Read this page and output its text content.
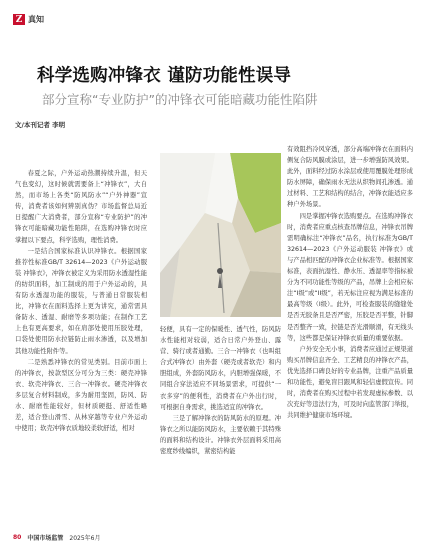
Z 真知
科学选购冲锋衣 谨防功能性误导
部分宣称“专业防护”的冲锋衣可能暗藏功能性陷阱
文/本刊记者 李明

春夏之际，户外运动热潮持续升温，但天气也变幻，这时候就需要备上“冲锋衣”，大自然，而市场上各类“防风防水”“户外神器”宣传，消费者该如何辨别真伪？市场监督总局近日提醒广大消费者，部分宣称“专业防护”的冲锋衣可能暗藏功能性陷阱，在选购冲锋衣时应掌握以下要点，科学选购，理性消费。

一是结合国家标准认识冲锋衣。根据国家推荐性标准GB/T 32614—2023《户外运动服装 冲锋衣》，冲锋衣被定义为采用防水透湿性能的纺织面料，加工制成的用于户外运动的，具有防水透湿功能的服装，与普通日常服装相比，冲锋衣在面料选择上更为讲究，通常需具备防水、透湿、耐磨等多项功能；在制作工艺上也有更高要求，如在肩部处使用压胶处理，口袋处使用防水拉链防止雨水渗透，以及增加其他功能性附件等。

二是熟悉冲锋衣的常见类别。目前市面上的冲锋衣，按款型区分可分为三类：硬壳冲锋衣、软壳冲锋衣、三合一冲锋衣。硬壳冲锋衣多层复合材料制成，多为耐用坚固，防风、防水、耐磨性能较好，但材质硬挺、舒适性略差，适合登山滑雪、从林穿越等专业户外运动中使用；软壳冲锋衣质地较柔软舒适，相对

轻便，具有一定的保暖性、透气性，防风防水性能相对较弱，适合日常户外登山、露营、骑行或者通勤。三合一冲锋衣（也叫组合式冲锋衣）由外套（硬壳或者软壳）和内胆组成，外套防风防水，内胆增强保暖，不同组合穿法适应不同场景需求，可提供“一衣多穿”的便利性，消费者在户外出行时，可根据自身需求，挑选适宜的冲锋衣。

三是了解冲锋衣的防风防水的原理。冲锋衣之所以能防风防水，主要依赖于其特殊的面料和结构设计。冲锋衣外层面料采用高密度纱线编织，紧密结构能

有效阻挡冷风穿透，部分高端冲锋衣在面料内侧复合防风膜或涂层，进一步增强防风效果。此外，面料经过防水涂层或使用覆膜处理形成防水屏障，确保雨水无法从织物间孔渗透。通过材料、工艺和结构的结合，冲锋衣能适应多种户外场景。

四是掌握冲锋衣选购要点。在选购冲锋衣时，消费者应重点核查吊牌信息，冲锋衣吊牌需明确标注“冲锋衣”品名，执行标准为GB/T 32614—2023《户外运动服装 冲锋衣》或与产品相匹配的冲锋衣企业标准等。根据国家标准，表面抗湿性、静水压、透湿率等指标被分为不同功能性等级的产品，吊牌上会相应标注“I级”或“II级”，若无标注应视为满足标准的最高等级（I级）。此外，可检查服装的缝缝处是否无胶条且是否严密，压胶是否平整，针脚是否整齐一致，拉链是否光滑顺滑，有无线头等，这些都是保证冲锋衣质量的重要依据。

户外安全无小事，消费者应通过正规渠道购买吊牌信息齐全、工艺精良的冲锋衣产品，优先选择口碑良好的专业品牌，注重产品质量和功能性，避免盲目跟风和轻信虚假宣传。同时，消费者在购买过程中若发现虚标参数、以次充好等违法行为，可及时向监管部门举报，共同维护健康市场环境。

80 中国市场监管 2025年6月
